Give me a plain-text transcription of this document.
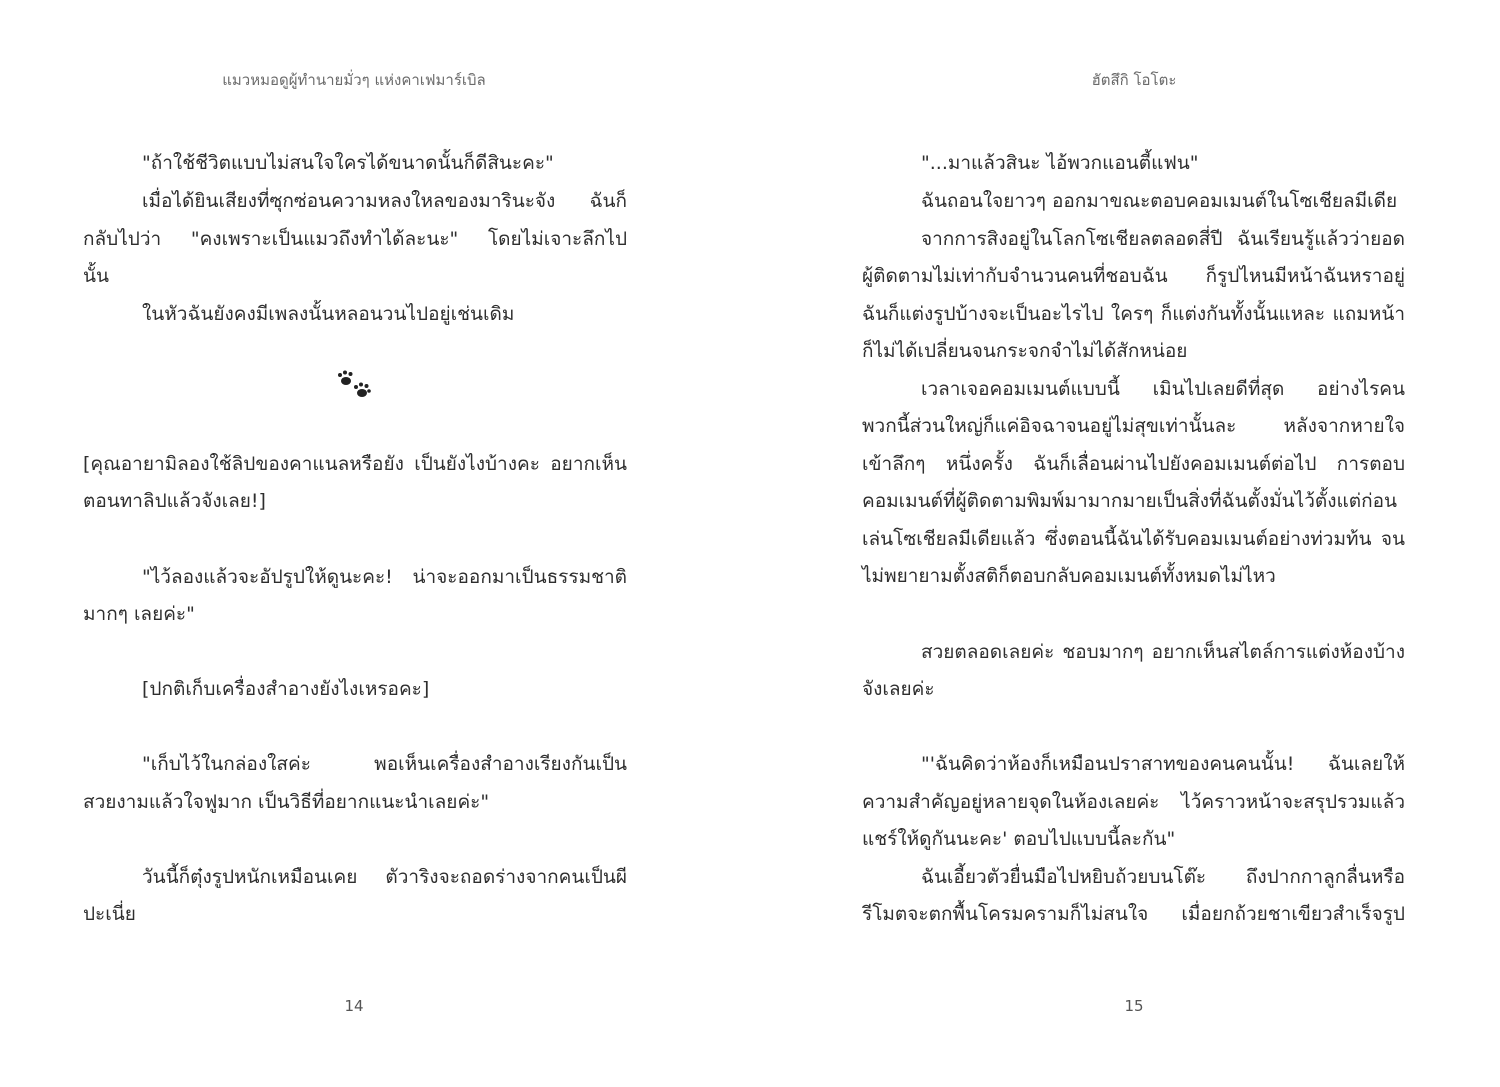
แมวหมอดูผู้ทำนายมั่วๆ แห่งคาเฟมาร์เบิล
"ถ้าใช้ชีวิตแบบไม่สนใจใครได้ขนาดนั้นก็ดีสินะคะ"
เมื่อได้ยินเสียงที่ซุกซ่อนความหลงใหลของมารินะจัง ฉันก็
กลับไปว่า "คงเพราะเป็นแมวถึงทำได้ละนะ" โดยไม่เจาะลึกไป
นั้น
ในหัวฉันยังคงมีเพลงนั้นหลอนวนไปอยู่เช่นเดิม
[คุณอายามิลองใช้ลิปของคาแนลหรือยัง เป็นยังไงบ้างคะ อยากเห็น
ตอนทาลิปแล้วจังเลย!]
"ไว้ลองแล้วจะอัปรูปให้ดูนะคะ! น่าจะออกมาเป็นธรรมชาติ
มากๆ เลยค่ะ"
[ปกติเก็บเครื่องสำอางยังไงเหรอคะ]
"เก็บไว้ในกล่องใสค่ะ พอเห็นเครื่องสำอางเรียงกันเป็น
สวยงามแล้วใจฟูมาก เป็นวิธีที่อยากแนะนำเลยค่ะ"
วันนี้ก็ตุ๋งรูปหนักเหมือนเคย ตัวาริงจะถอดร่างจากคนเป็นผี
ปะเนี่ย
14
ฮัตสึกิ โอโตะ
"...มาแล้วสินะ ไอ้พวกแอนตี้แฟน"
ฉันถอนใจยาวๆ ออกมาขณะตอบคอมเมนต์ในโซเชียลมีเดีย
จากการสิงอยู่ในโลกโซเชียลตลอดสี่ปี ฉันเรียนรู้แล้วว่ายอด
ผู้ติดตามไม่เท่ากับจำนวนคนที่ชอบฉัน ก็รูปไหนมีหน้าฉันหราอยู่
ฉันก็แต่งรูปบ้างจะเป็นอะไรไป ใครๆ ก็แต่งกันทั้งนั้นแหละ แถมหน้า
ก็ไม่ได้เปลี่ยนจนกระจกจำไม่ได้สักหน่อย
เวลาเจอคอมเมนต์แบบนี้ เมินไปเลยดีที่สุด อย่างไรคน
พวกนี้ส่วนใหญ่ก็แค่อิจฉาจนอยู่ไม่สุขเท่านั้นละ หลังจากหายใจ
เข้าลึกๆ หนึ่งครั้ง ฉันก็เลื่อนผ่านไปยังคอมเมนต์ต่อไป การตอบ
คอมเมนต์ที่ผู้ติดตามพิมพ์มามากมายเป็นสิ่งที่ฉันตั้งมั่นไว้ตั้งแต่ก่อน
เล่นโซเชียลมีเดียแล้ว ซึ่งตอนนี้ฉันได้รับคอมเมนต์อย่างท่วมท้น จน
ไม่พยายามตั้งสติก็ตอบกลับคอมเมนต์ทั้งหมดไม่ไหว
สวยตลอดเลยค่ะ ชอบมากๆ อยากเห็นสไตล์การแต่งห้องบ้าง
จังเลยค่ะ
"'ฉันคิดว่าห้องก็เหมือนปราสาทของคนคนนั้น! ฉันเลยให้
ความสำคัญอยู่หลายจุดในห้องเลยค่ะ ไว้คราวหน้าจะสรุปรวมแล้ว
แชร์ให้ดูกันนะคะ' ตอบไปแบบนี้ละกัน"
ฉันเอี้ยวตัวยื่นมือไปหยิบถ้วยบนโต๊ะ ถึงปากกาลูกลื่นหรือ
รีโมตจะตกพื้นโครมครามก็ไม่สนใจ เมื่อยกถ้วยชาเขียวสำเร็จรูป
15
